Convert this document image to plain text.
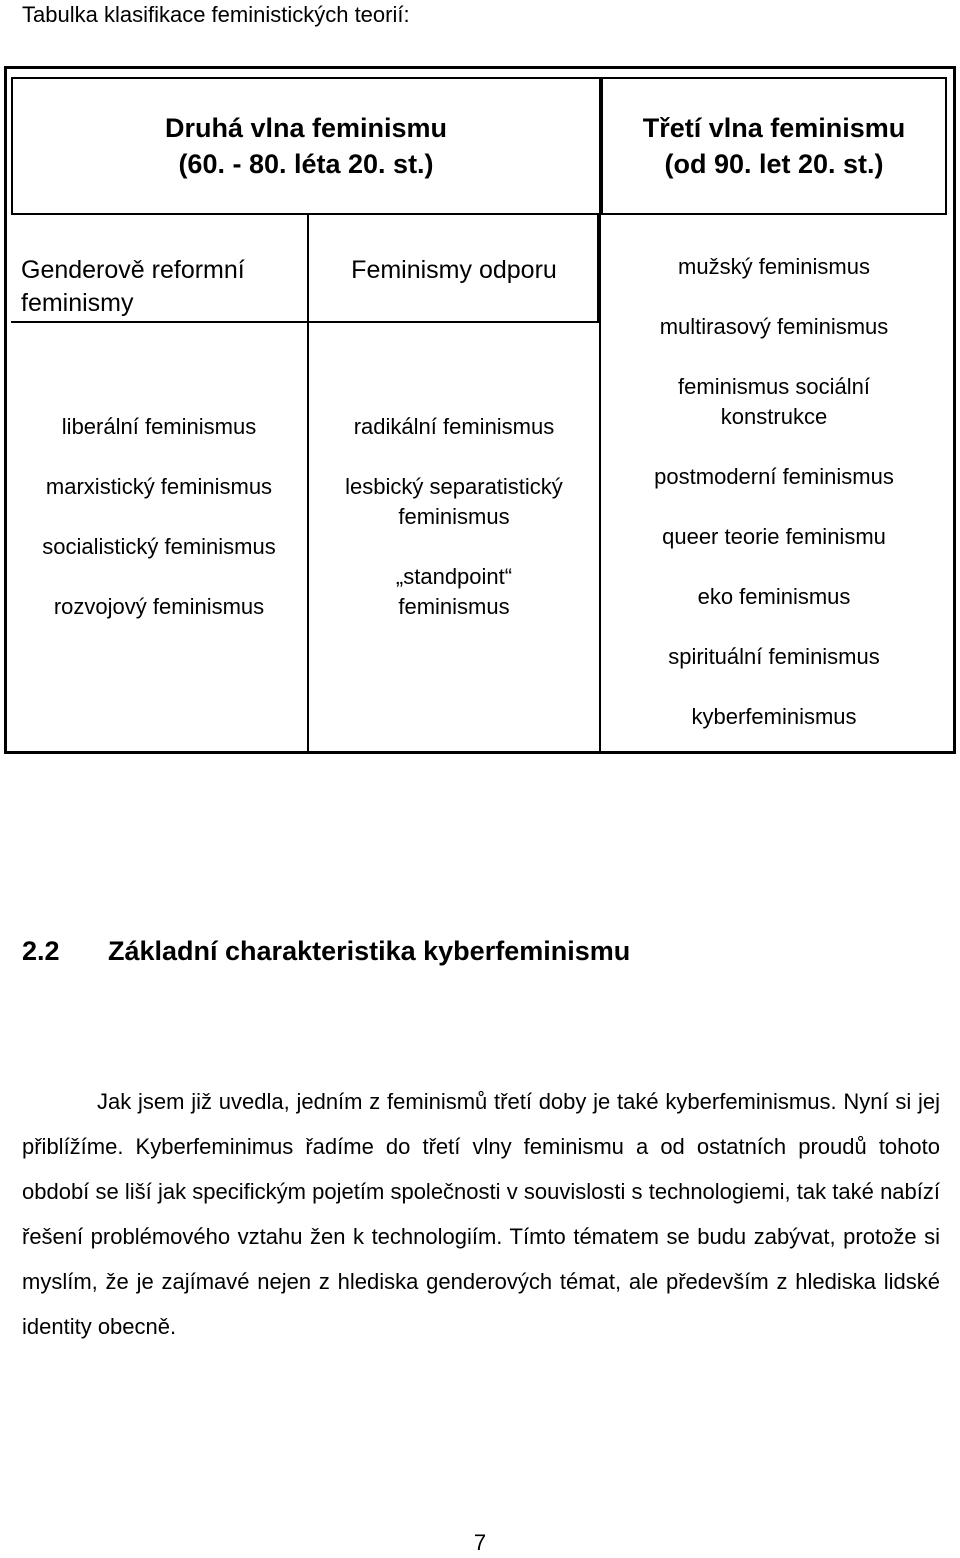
Tabulka klasifikace feministických teorií:
Druhá vlna feminismu
(60. - 80. léta 20. st.)
Třetí vlna feminismu
(od 90. let 20. st.)
Genderově reformní
feminismy
liberální feminismus
marxistický feminismus
socialistický feminismus
rozvojový feminismus
Feminismy odporu
radikální feminismus
lesbický separatistický
feminismus
„standpoint“
feminismus
mužský feminismus
multirasový feminismus
feminismus sociální
konstrukce
postmoderní feminismus
queer teorie feminismu
eko feminismus
spirituální feminismus
kyberfeminismus
2.2 Základní charakteristika kyberfeminismu
Jak jsem již uvedla, jedním z feminismů třetí doby je také kyberfeminismus. Nyní si jej přiblížíme. Kyberfeminimus řadíme do třetí vlny feminismu a od ostatních proudů tohoto období se liší jak specifickým pojetím společnosti v souvislosti s technologiemi, tak také nabízí řešení problémového vztahu žen k technologiím. Tímto tématem se budu zabývat, protože si myslím, že je zajímavé nejen z hlediska genderových témat, ale především z hlediska lidské identity obecně.
7
